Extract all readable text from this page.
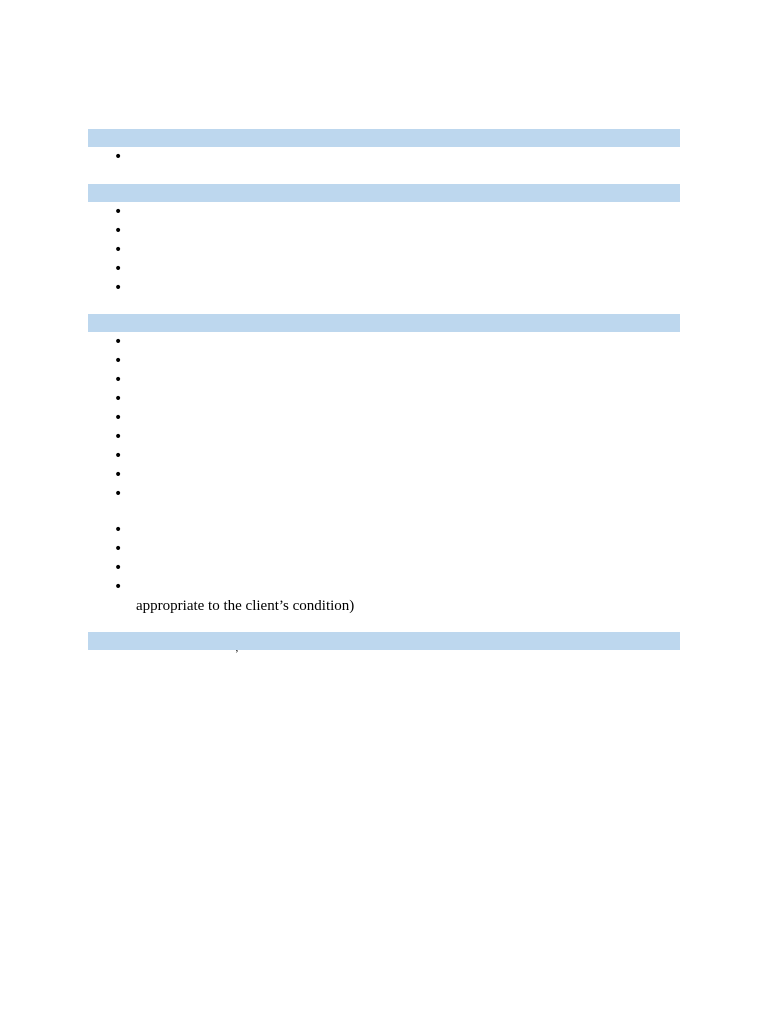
•
•
•
•
•
•
•
•
•
•
•
•
•
•
•
•
•
•
•
appropriate to the client’s condition)
’
